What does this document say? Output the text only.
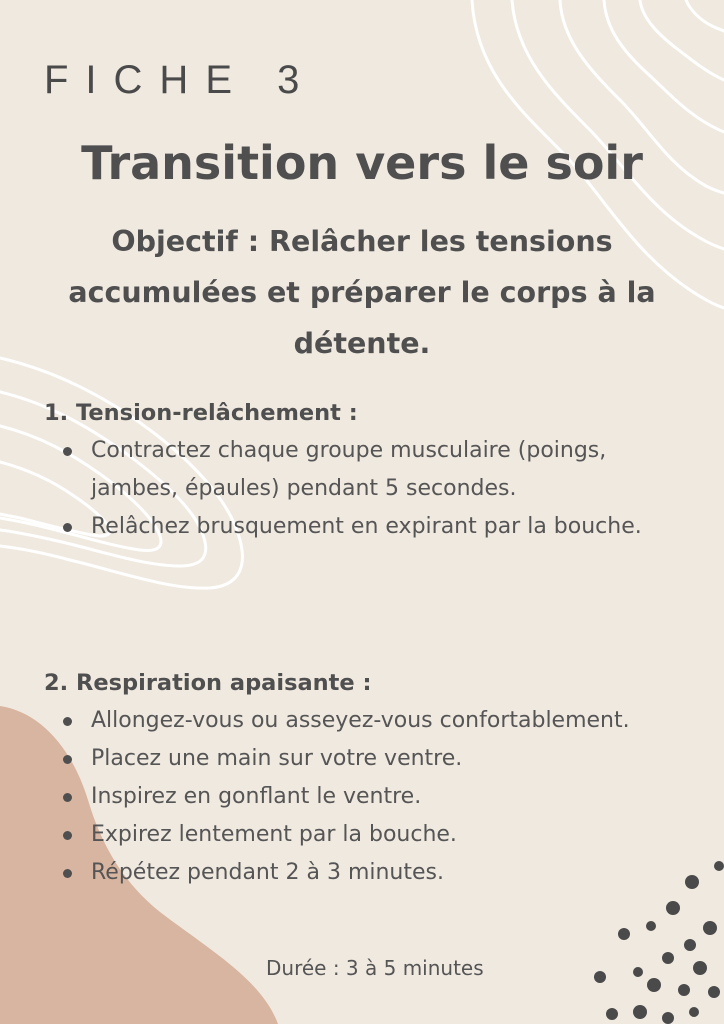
FICHE 3
Transition vers le soir

Objectif : Relâcher les tensions accumulées et préparer le corps à la détente.

1. Tension-relâchement :
Contractez chaque groupe musculaire (poings, jambes, épaules) pendant 5 secondes.
Relâchez brusquement en expirant par la bouche.
2. Respiration apaisante :
Allongez-vous ou asseyez-vous confortablement.
Placez une main sur votre ventre.
Inspirez en gonflant le ventre.
Expirez lentement par la bouche.
Répétez pendant 2 à 3 minutes.

Durée : 3 à 5 minutes
